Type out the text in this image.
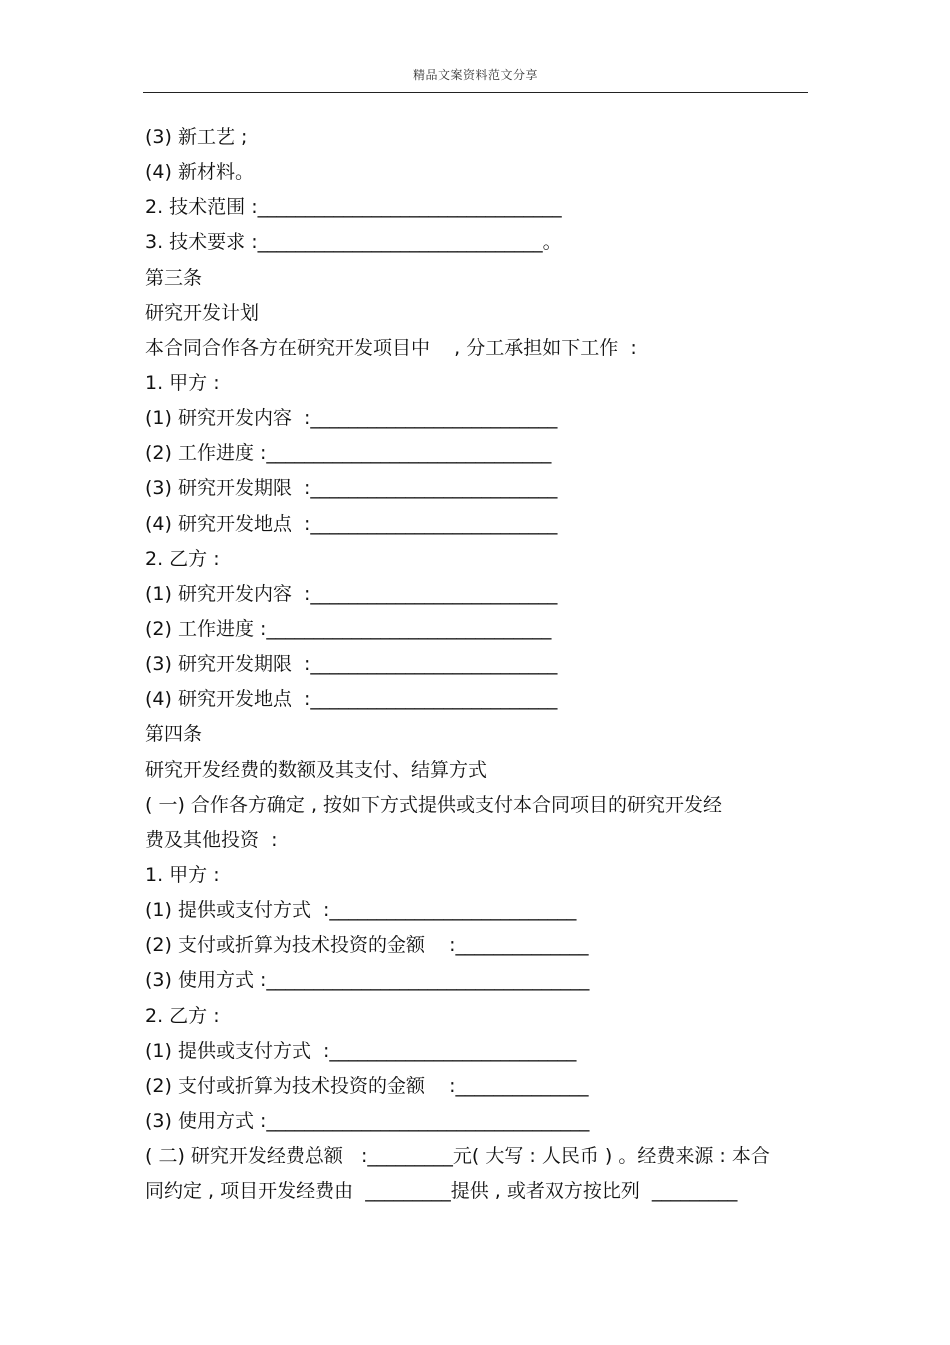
精品文案资料范文分享
(3) 新工艺 ;
(4) 新材料。
2. 技术范围 :________________________________
3. 技术要求 :______________________________。
第三条
研究开发计划
本合同合作各方在研究开发项目中    , 分工承担如下工作  :
1. 甲方 :
(1) 研究开发内容  :__________________________
(2) 工作进度 :______________________________
(3) 研究开发期限  :__________________________
(4) 研究开发地点  :__________________________
2. 乙方 :
(1) 研究开发内容  :__________________________
(2) 工作进度 :______________________________
(3) 研究开发期限  :__________________________
(4) 研究开发地点  :__________________________
第四条
研究开发经费的数额及其支付、结算方式
( 一) 合作各方确定 , 按如下方式提供或支付本合同项目的研究开发经
费及其他投资  :
1. 甲方 :
(1) 提供或支付方式  :__________________________
(2) 支付或折算为技术投资的金额    :______________
(3) 使用方式 :__________________________________
2. 乙方 :
(1) 提供或支付方式  :__________________________
(2) 支付或折算为技术投资的金额    :______________
(3) 使用方式 :__________________________________
( 二) 研究开发经费总额   :_________元( 大写 : 人民币 ) 。经费来源 : 本合
同约定 , 项目开发经费由  _________提供 , 或者双方按比列  _________
